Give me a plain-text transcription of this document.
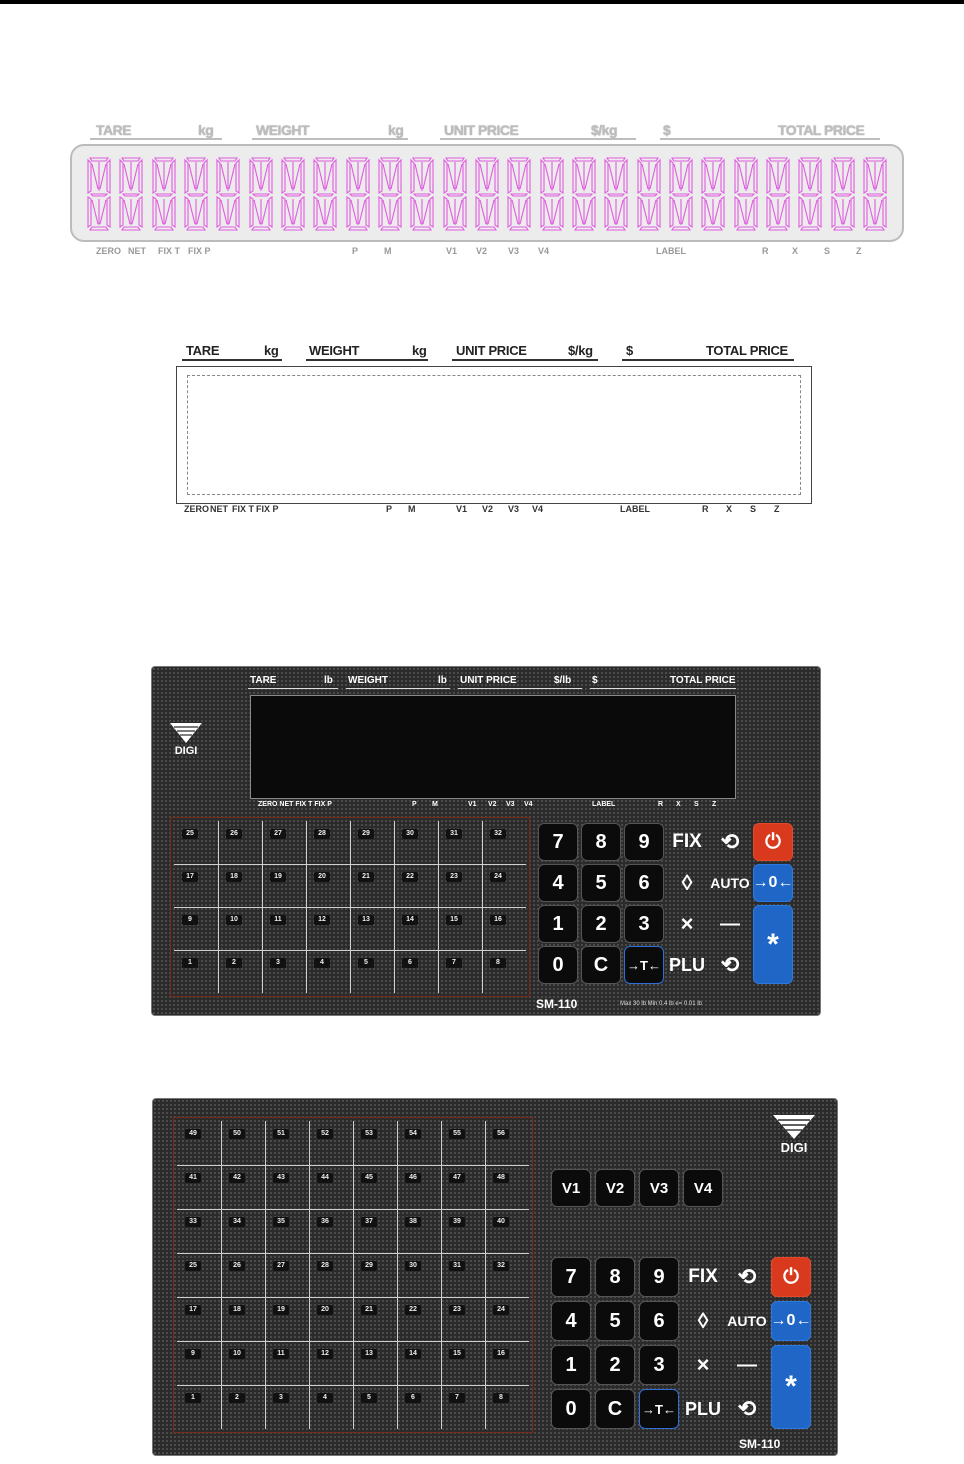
TARE	kg	WEIGHT	kg	UNIT PRICE	$/kg	$	TOTAL PRICE
ZERO NET FIX T FIX P	P	M	V1 V2 V3 V4	LABEL	R	X	S	Z
TARE	kg WEIGHT	kg UNIT PRICE	$/kg	$	TOTAL PRICE
ZERO NET FIX T FIX P	P M	V1 V2 V3 V4	LABEL	R X S Z
DIGI
TARE	lb WEIGHT	lb UNIT PRICE	$/lb $	TOTAL PRICE
ZERO NET FIX T FIX P	P M	V1 V2 V3 V4	LABEL	R X S Z
25	26	27	28	29	30	31	32
17	18	19	20	21	22	23	24
9	10	11	12	13	14	15	16
1	2	3	4	5	6	7	8
7	8	9	FIX ⟲	⏻
4	5	6	◊	AUTO →0←
1	2	3	×	—
*
0	C	→T← PLU ⟲
SM-110	Max 30 lb Min 0.4 lb e= 0.01 lb
DIGI
49	50	51	52	53	54	55	56
41	42	43	44	45	46	47	48
33	34	35	36	37	38	39	40
25	26	27	28	29	30	31	32
17	18	19	20	21	22	23	24
9	10	11	12	13	14	15	16
1	2	3	4	5	6	7	8
V1	V2	V3	V4
7	8	9	FIX ⟲	⏻
4	5	6	◊	AUTO →0←
1	2	3	×	—
*
0	C	→T← PLU ⟲
SM-110
